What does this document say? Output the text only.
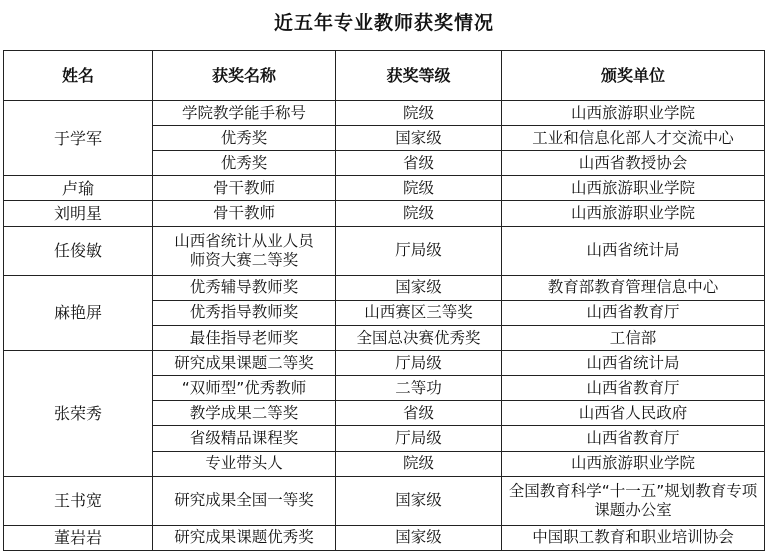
近五年专业教师获奖情况
姓名	获奖名称	获奖等级	颁奖单位
于学军	学院教学能手称号	院级	山西旅游职业学院
	优秀奖	国家级	工业和信息化部人才交流中心
	优秀奖	省级	山西省教授协会
卢瑜	骨干教师	院级	山西旅游职业学院
刘明星	骨干教师	院级	山西旅游职业学院
任俊敏	山西省统计从业人员师资大赛二等奖	厅局级	山西省统计局
麻艳屏	优秀辅导教师奖	国家级	教育部教育管理信息中心
	优秀指导教师奖	山西赛区三等奖	山西省教育厅
	最佳指导老师奖	全国总决赛优秀奖	工信部
张荣秀	研究成果课题二等奖	厅局级	山西省统计局
	“双师型”优秀教师	二等功	山西省教育厅
	教学成果二等奖	省级	山西省人民政府
	省级精品课程奖	厅局级	山西省教育厅
	专业带头人	院级	山西旅游职业学院
王书宽	研究成果全国一等奖	国家级	全国教育科学“十一五”规划教育专项课题办公室
董岩岩	研究成果课题优秀奖	国家级	中国职工教育和职业培训协会
